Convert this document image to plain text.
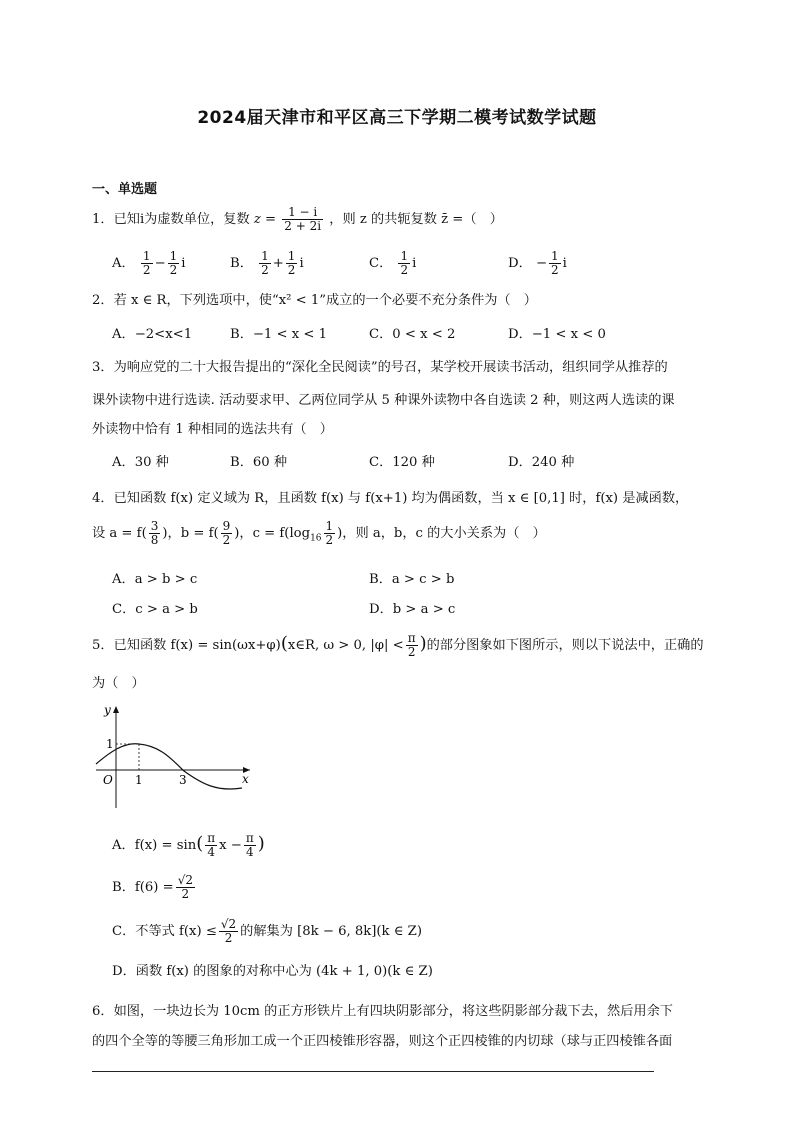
2024届天津市和平区高三下学期二模考试数学试题
一、单选题
1．已知i为虚数单位，复数 $z = \frac{1 - i}{2 + 2i}$ ，则 z 的共轭复数 z̄ =（　）
A． $\frac{1}{2} - \frac{1}{2}$ i	B． $\frac{1}{2} + \frac{1}{2}$ i	C． $\frac{1}{2}$ i	D． − $\frac{1}{2}$ i
2．若 x ∈ R，下列选项中，使“x² < 1”成立的一个必要不充分条件为（　）
A．−2<x<1	B．−1 < x < 1	C．0 < x < 2	D．−1 < x < 0
3．为响应党的二十大报告提出的“深化全民阅读”的号召，某学校开展读书活动，组织同学从推荐的
课外读物中进行选读. 活动要求甲、乙两位同学从 5 种课外读物中各自选读 2 种，则这两人选读的课
外读物中恰有 1 种相同的选法共有（　）
A．30 种	B．60 种	C．120 种	D．240 种
4．已知函数 f(x) 定义域为 R，且函数 f(x) 与 f(x+1) 均为偶函数，当 x ∈ [0,1] 时，f(x) 是减函数，
设 $a = f( \frac{3}{8}$ )，$b = f( \frac{9}{2}$ )，$c = f(\log_{16} \frac{1}{2}$ )，则 a，b，c 的大小关系为（　）
A．a > b > c	B．a > c > b
C．c > a > b	D．b > a > c
5．已知函数 f(x) = sin(ωx+φ)(x∈R, ω > 0, $|\varphi| < \frac{\pi}{2}$ )的部分图象如下图所示，则以下说法中，正确的
为（　）
y
x
O 1	3
1
A．$f(x) = \sin( \frac{\pi}{4}$ $x - \frac{\pi}{4}$ )
B．$f(6) = \frac{√2}{2}$
C．不等式 $f(x) \le \frac{√2}{2}$ 的解集为 [8k − 6, 8k](k ∈ Z)
D．函数 f(x) 的图象的对称中心为 (4k + 1, 0)(k ∈ Z)
6．如图，一块边长为 10cm 的正方形铁片上有四块阴影部分，将这些阴影部分裁下去，然后用余下
的四个全等的等腰三角形加工成一个正四棱锥形容器，则这个正四棱锥的内切球（球与正四棱锥各面
